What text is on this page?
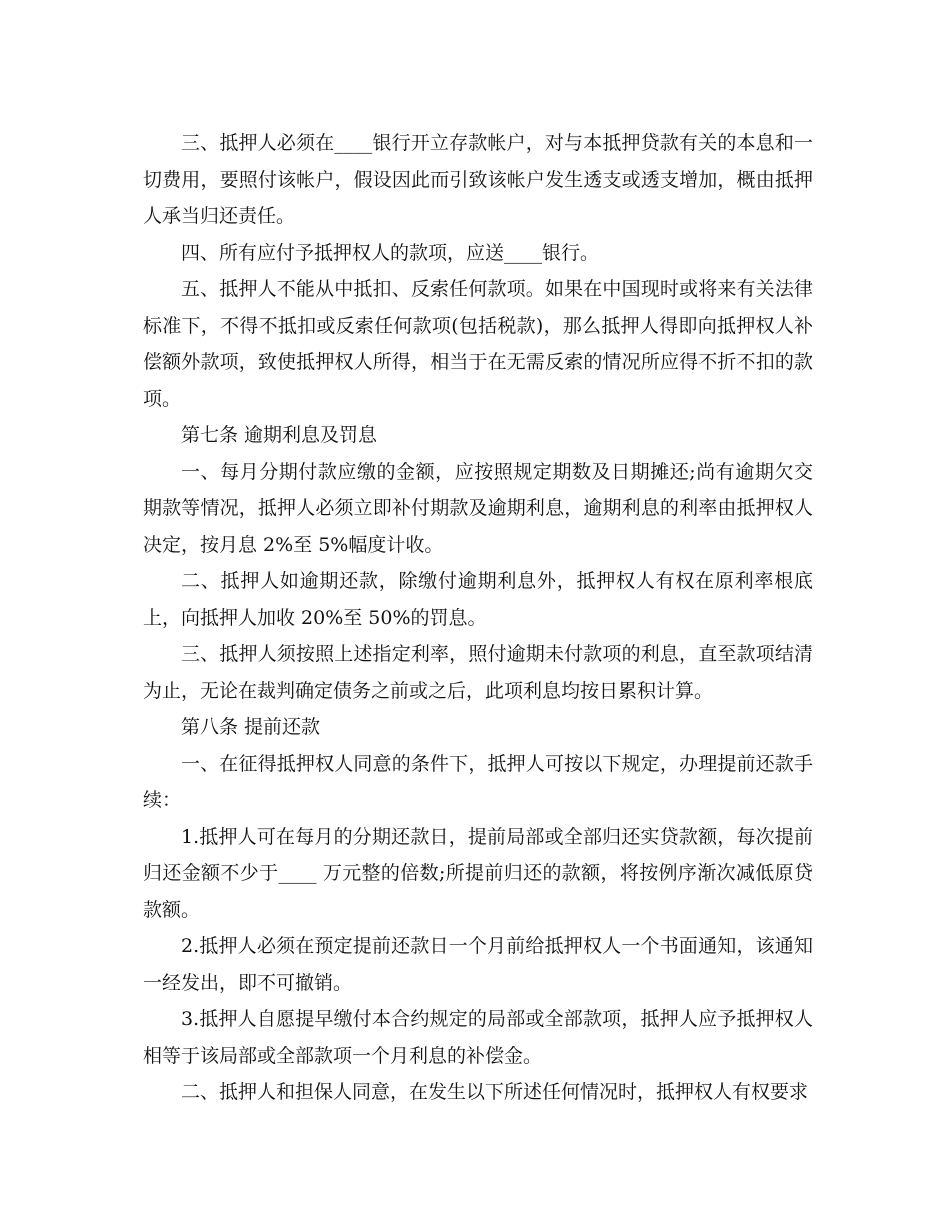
三、抵押人必须在____银行开立存款帐户，对与本抵押贷款有关的本息和一切费用，要照付该帐户，假设因此而引致该帐户发生透支或透支增加，概由抵押人承当归还责任。

四、所有应付予抵押权人的款项，应送____银行。

五、抵押人不能从中抵扣、反索任何款项。如果在中国现时或将来有关法律标准下，不得不抵扣或反索任何款项(包括税款)，那么抵押人得即向抵押权人补偿额外款项，致使抵押权人所得，相当于在无需反索的情况所应得不折不扣的款项。

第七条 逾期利息及罚息

一、每月分期付款应缴的金额，应按照规定期数及日期摊还;尚有逾期欠交期款等情况，抵押人必须立即补付期款及逾期利息，逾期利息的利率由抵押权人决定，按月息 2%至 5%幅度计收。

二、抵押人如逾期还款，除缴付逾期利息外，抵押权人有权在原利率根底上，向抵押人加收 20%至 50%的罚息。

三、抵押人须按照上述指定利率，照付逾期未付款项的利息，直至款项结清为止，无论在裁判确定债务之前或之后，此项利息均按日累积计算。

第八条 提前还款

一、在征得抵押权人同意的条件下，抵押人可按以下规定，办理提前还款手续：

1.抵押人可在每月的分期还款日，提前局部或全部归还实贷款额，每次提前归还金额不少于____ 万元整的倍数;所提前归还的款额，将按例序渐次减低原贷款额。

2.抵押人必须在预定提前还款日一个月前给抵押权人一个书面通知，该通知一经发出，即不可撤销。

3.抵押人自愿提早缴付本合约规定的局部或全部款项，抵押人应予抵押权人相等于该局部或全部款项一个月利息的补偿金。

二、抵押人和担保人同意，在发生以下所述任何情况时，抵押权人有权要求
